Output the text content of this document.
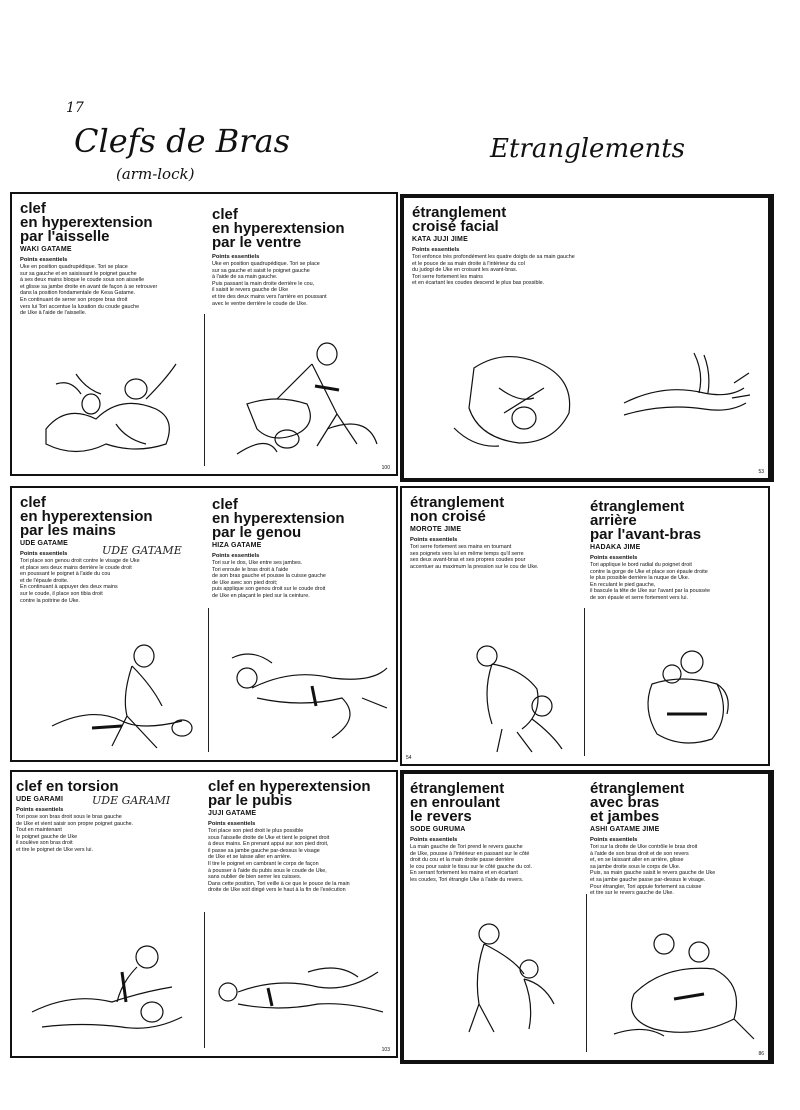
17
Clefs de Bras
(arm-lock)
Etranglements
clef
en hyperextension
par l'aisselle
WAKI GATAME
Points essentiels
Uke en position quadrupédique. Tori se place
sur sa gauche et en saisissant le poignet gauche
à ses deux mains bloque le coude sous son aisselle
et glisse sa jambe droite en avant de façon à se retrouver
dans la position fondamentale de Kesa Gatame.
En continuant de serrer son propre bras droit
vers lui Tori accentue la luxation du coude gauche
de Uke à l'aide de l'aisselle.
clef
en hyperextension
par le ventre
Points essentiels
Uke en position quadrupédique. Tori se place
sur sa gauche et saisit le poignet gauche
à l'aide de sa main gauche.
Puis passant la main droite derrière le cou,
il saisit le revers gauche de Uke
et tire des deux mains vers l'arrière en poussant
avec le ventre derrière le coude de Uke.
100
étranglement
croisé facial
KATA JUJI JIME
Points essentiels
Tori enfonce très profondément les quatre doigts de sa main gauche
et le pouce de sa main droite à l'intérieur du col
du judogi de Uke en croisant les avant-bras.
Tori serre fortement les mains
et en écartant les coudes descend le plus bas possible.
53
clef
en hyperextension
par les mains
UDE GATAME
Points essentiels
Tori place son genou droit contre le visage de Uke
et place ses deux mains derrière le coude droit
en poussant le poignet à l'aide du cou
et de l'épaule droite.
En continuant à appuyer des deux mains
sur le coude, il place son tibia droit
contre la poitrine de Uke.
UDE GATAME
clef
en hyperextension
par le genou
HIZA GATAME
Points essentiels
Tori sur le dos, Uke entre ses jambes.
Tori enroule le bras droit à l'aide
de son bras gauche et pousse la cuisse gauche
de Uke avec son pied droit;
puis applique son genou droit sur le coude droit
de Uke en plaçant le pied sur la ceinture.
étranglement
non croisé
MOROTE JIME
Points essentiels
Tori serre fortement ses mains en tournant
ses poignets vers lui en même temps qu'il serre
ses deux avant-bras et ses propres coudes pour
accentuer au maximum la pression sur le cou de Uke.
étranglement
arrière
par l'avant-bras
HADAKA JIME
Points essentiels
Tori applique le bord radial du poignet droit
contre la gorge de Uke et place son épaule droite
le plus possible derrière la nuque de Uke.
En reculant le pied gauche,
il bascule la tête de Uke sur l'avant par la poussée
de son épaule et serre fortement vers lui.
54
clef en torsion
UDE GARAMI
Points essentiels
Tori pose son bras droit sous le bras gauche
de Uke et vient saisir son propre poignet gauche.
Tout en maintenant
le poignet gauche de Uke
il soulève son bras droit
et tire le poignet de Uke vers lui.
UDE GARAMI
clef en hyperextension
par le pubis
JUJI GATAME
Points essentiels
Tori place son pied droit le plus possible
sous l'aisselle droite de Uke et tient le poignet droit
à deux mains. En prenant appui sur son pied droit,
il passe sa jambe gauche par-dessus le visage
de Uke et se laisse aller en arrière.
Il tire le poignet en cambrant le corps de façon
à pousser à l'aide du pubis sous le coude de Uke,
sans oublier de bien serrer les cuisses.
Dans cette position, Tori veille à ce que le pouce de la main
droite de Uke soit dirigé vers le haut à la fin de l'exécution
103
étranglement
en enroulant
le revers
SODE GURUMA
Points essentiels
La main gauche de Tori prend le revers gauche
de Uke, pousse à l'intérieur en passant sur le côté
droit du cou et la main droite passe derrière
le cou pour saisir le tissu sur le côté gauche du col.
En serrant fortement les mains et en écartant
les coudes, Tori étrangle Uke à l'aide du revers.
étranglement
avec bras
et jambes
ASHI GATAME JIME
Points essentiels
Tori sur la droite de Uke contrôle le bras droit
à l'aide de son bras droit et de son revers
et, en se laissant aller en arrière, glisse
sa jambe droite sous le corps de Uke.
Puis, sa main gauche saisit le revers gauche de Uke
et sa jambe gauche passe par-dessus le visage.
Pour étrangler, Tori appuie fortement sa cuisse
et tire sur le revers gauche de Uke.
86
